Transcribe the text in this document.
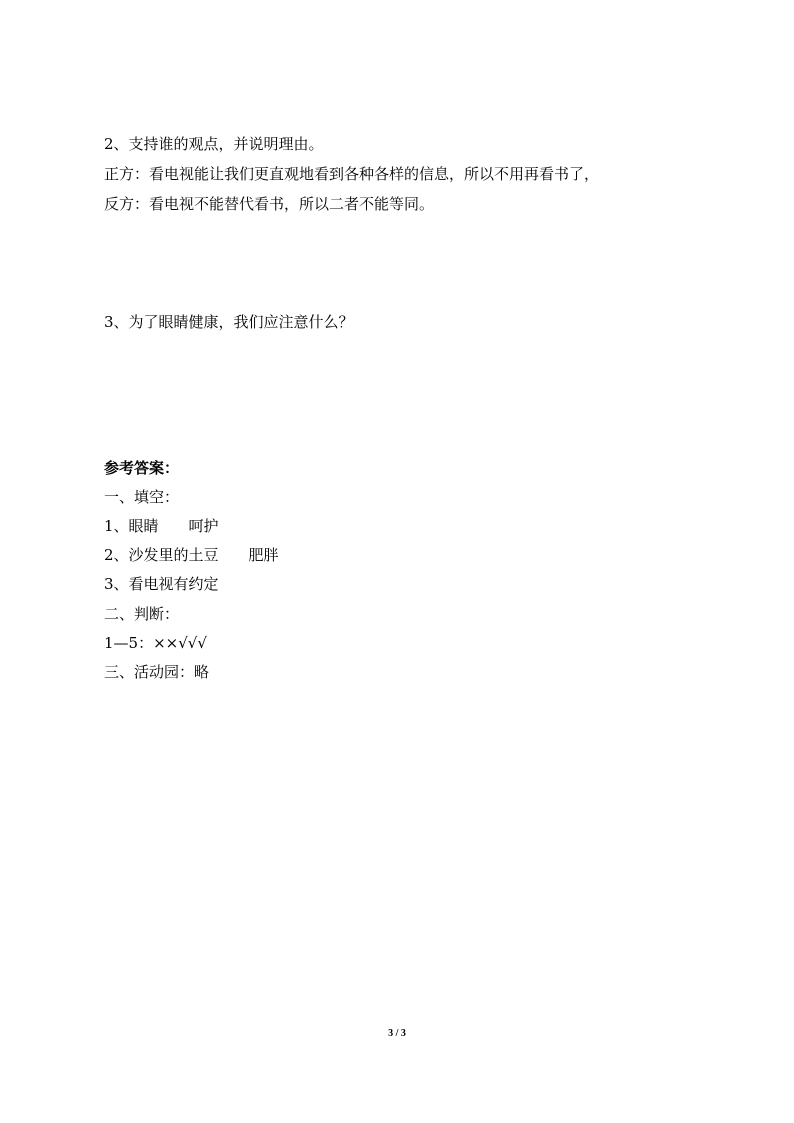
2、支持谁的观点，并说明理由。
正方：看电视能让我们更直观地看到各种各样的信息，所以不用再看书了，
反方：看电视不能替代看书，所以二者不能等同。
3、为了眼睛健康，我们应注意什么？
参考答案：
一、填空：
1、眼睛 呵护
2、沙发里的土豆 肥胖
3、看电视有约定
二、判断：
1—5：××√√√
三、活动园：略
3 / 3
